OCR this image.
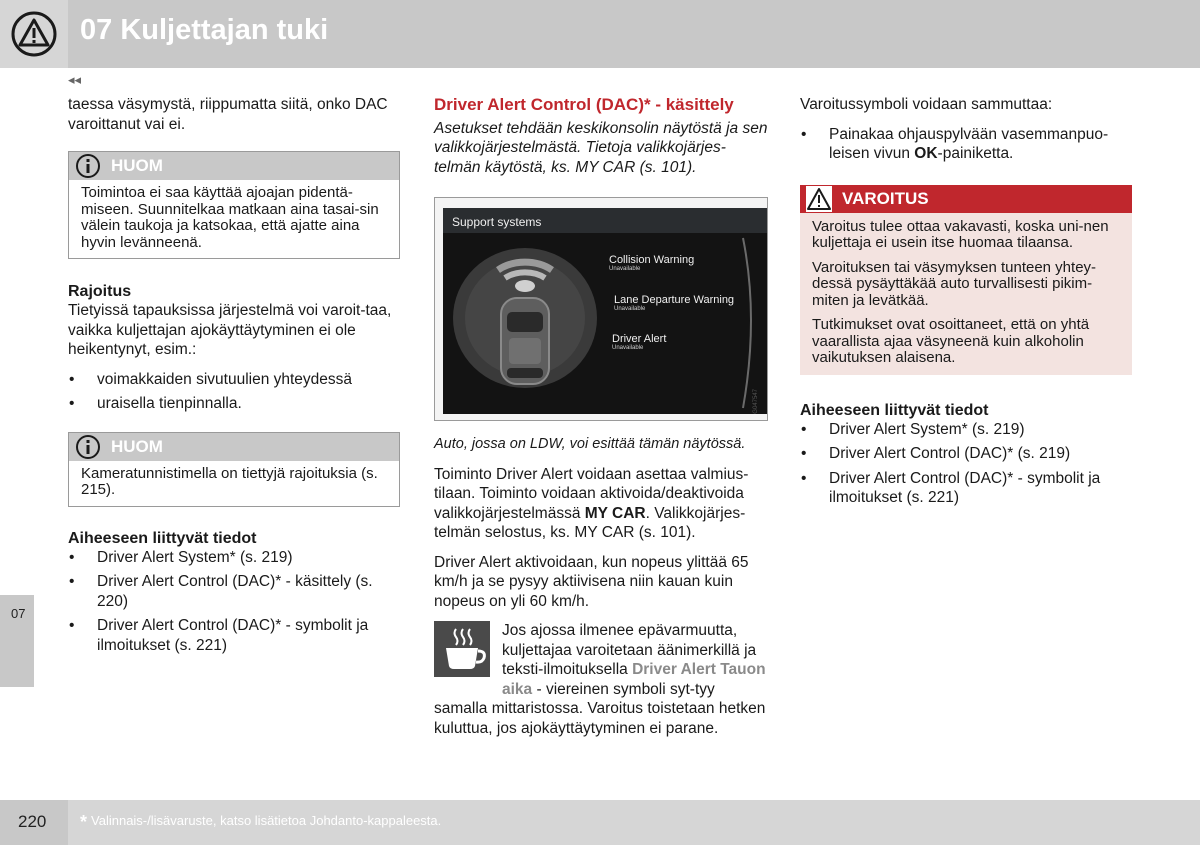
07 Kuljettajan tuki
◂◂

taessa väsymystä, riippumatta siitä, onko DAC varoittanut vai ei.

HUOM
Toimintoa ei saa käyttää ajoajan pidentä-miseen. Suunnitelkaa matkaan aina tasai-sin välein taukoja ja katsokaa, että ajatte aina hyvin levänneenä.
Rajoitus

Tietyissä tapauksissa järjestelmä voi varoit-taa, vaikka kuljettajan ajokäyttäytyminen ei ole heikentynyt, esim.:

• voimakkaiden sivutuulien yhteydessä
• uraisella tienpinnalla.
HUOM
Kameratunnistimella on tiettyjä rajoituksia (s. 215).
Aiheeseen liittyvät tiedot
• Driver Alert System* (s. 219)
• Driver Alert Control (DAC)* - käsittely (s. 220)
• Driver Alert Control (DAC)* - symbolit ja ilmoitukset (s. 221)
Driver Alert Control (DAC)* - käsittely

Asetukset tehdään keskikonsolin näytöstä ja sen valikkojärjestelmästä. Tietoja valikkojärjes-telmän käytöstä, ks. MY CAR (s. 101).

Support systems
Collision Warning
Unavailable
Lane Departure Warning
Unavailable
Driver Alert
Unavailable
G047547

Auto, jossa on LDW, voi esittää tämän näytössä.

Toiminto Driver Alert voidaan asettaa valmius-tilaan. Toiminto voidaan aktivoida/deaktivoida valikkojärjestelmässä MY CAR. Valikkojärjes-telmän selostus, ks. MY CAR (s. 101).

Driver Alert aktivoidaan, kun nopeus ylittää 65 km/h ja se pysyy aktiivisena niin kauan kuin nopeus on yli 60 km/h.

Jos ajossa ilmenee epävarmuutta, kuljettajaa varoitetaan äänimerkillä ja teksti-ilmoituksella Driver Alert Tauon aika - viereinen symboli syt-tyy samalla mittaristossa. Varoitus toistetaan hetken kuluttua, jos ajokäyttäytyminen ei parane.

Varoitussymboli voidaan sammuttaa:

• Painakaa ohjauspylvään vasemmanpuo-leisen vivun OK-painiketta.
VAROITUS

Varoitus tulee ottaa vakavasti, koska uni-nen kuljettaja ei usein itse huomaa tilaansa.

Varoituksen tai väsymyksen tunteen yhtey-dessä pysäyttäkää auto turvallisesti pikim-miten ja levätkää.

Tutkimukset ovat osoittaneet, että on yhtä vaarallista ajaa väsyneenä kuin alkoholin vaikutuksen alaisena.

Aiheeseen liittyvät tiedot
• Driver Alert System* (s. 219)
• Driver Alert Control (DAC)* (s. 219)
• Driver Alert Control (DAC)* - symbolit ja ilmoitukset (s. 221)
07
220 * Valinnais-/lisävaruste, katso lisätietoa Johdanto-kappaleesta.
